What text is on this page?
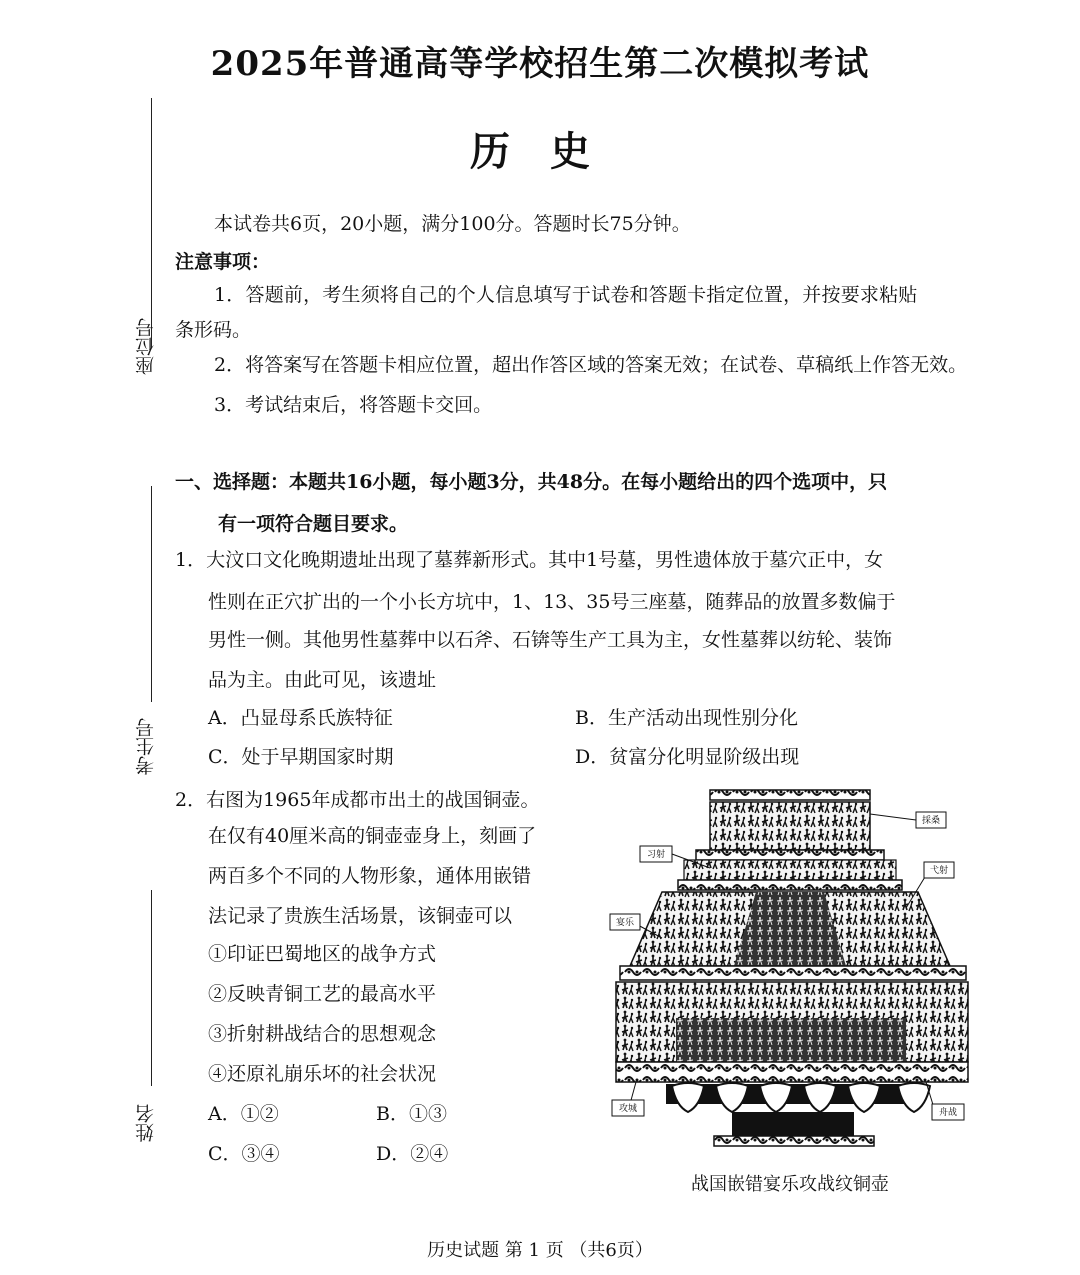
2025年普通高等学校招生第二次模拟考试
历史
本试卷共6页，20小题，满分100分。答题时长75分钟。
注意事项：
1．答题前，考生须将自己的个人信息填写于试卷和答题卡指定位置，并按要求粘贴
条形码。
2．将答案写在答题卡相应位置，超出作答区域的答案无效；在试卷、草稿纸上作答无效。
3．考试结束后，将答题卡交回。
座位号
考生号
姓名
一、选择题：本题共16小题，每小题3分，共48分。在每小题给出的四个选项中，只
有一项符合题目要求。
1．大汶口文化晚期遗址出现了墓葬新形式。其中1号墓，男性遗体放于墓穴正中，女
性则在正穴扩出的一个小长方坑中，1、13、35号三座墓，随葬品的放置多数偏于
男性一侧。其他男性墓葬中以石斧、石锛等生产工具为主，女性墓葬以纺轮、装饰
品为主。由此可见，该遗址
A．凸显母系氏族特征	B．生产活动出现性别分化
C．处于早期国家时期	D．贫富分化明显阶级出现
2．右图为1965年成都市出土的战国铜壶。
在仅有40厘米高的铜壶壶身上，刻画了
两百多个不同的人物形象，通体用嵌错
法记录了贵族生活场景，该铜壶可以
①印证巴蜀地区的战争方式
②反映青铜工艺的最高水平
③折射耕战结合的思想观念
④还原礼崩乐坏的社会状况
A．①②	B．①③
C．③④	D．②④
採桑
习射
弋射
宴乐
攻城	舟战
战国嵌错宴乐攻战纹铜壶
历史试题 第 1 页 （共6页）
